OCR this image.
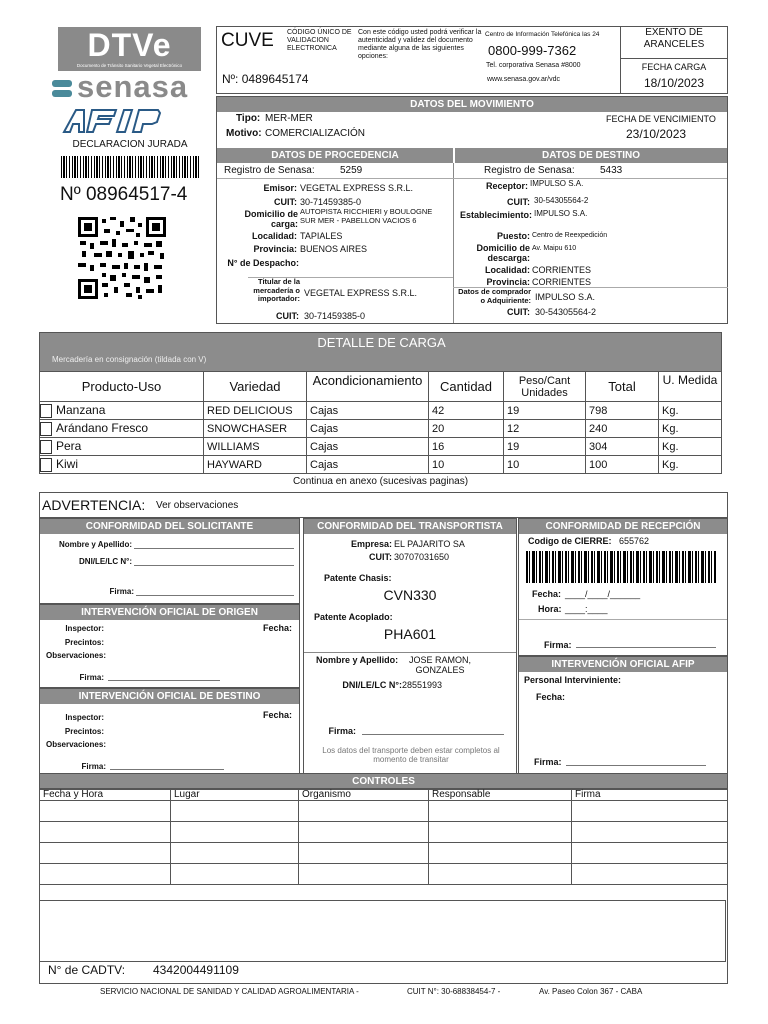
DTVe
Documento de Tránsito Sanitario Vegetal Electrónico
senasa
DECLARACION JURADA
Nº 08964517-4
CUVE CÓDIGO ÚNICO DE VALIDACION ELECTRONICA
Nº: 0489645174
Con este código usted podrá verificar la autenticidad y validez del documento mediante alguna de las siguientes opciones:
Centro de Información Telefónica las 24
0800-999-7362
Tel. corporativa Senasa #8000
www.senasa.gov.ar/vdc
EXENTO DE ARANCELES
FECHA CARGA
18/10/2023
DATOS DEL MOVIMIENTO
Tipo: MER-MER
Motivo: COMERCIALIZACIÓN
FECHA DE VENCIMIENTO
23/10/2023
DATOS DE PROCEDENCIA	DATOS DE DESTINO
Registro de Senasa:	5259
Emisor: VEGETAL EXPRESS S.R.L.
CUIT: 30-71459385-0
Domicilio de carga:
AUTOPISTA RICCHIERI y BOULOGNE SUR MER - PABELLON VACIOS 6
Localidad: TAPIALES
Provincia: BUENOS AIRES
N° de Despacho:
Titular de la mercadería o importador:
VEGETAL EXPRESS S.R.L.
CUIT: 30-71459385-0
Registro de Senasa:	5433
Receptor: IMPULSO S.A.
CUIT: 30-54305564-2
Establecimiento: IMPULSO S.A.
Puesto: Centro de Reexpedición
Domicilio de descarga:
Av. Maipu 610
Localidad: CORRIENTES
Provincia: CORRIENTES
Datos de comprador o Adquiriente: IMPULSO S.A.
CUIT: 30-54305564-2
DETALLE DE CARGA
Mercadería en consignación (tildada con V)
Producto-Uso	Variedad	Acondicionamiento	Cantidad	Peso/Cant Unidades	Total	U. Medida
Manzana	RED DELICIOUS	Cajas	42	19	798	Kg.
Arándano Fresco	SNOWCHASER	Cajas	20	12	240	Kg.
Pera	WILLIAMS	Cajas	16	19	304	Kg.
Kiwi	HAYWARD	Cajas	10	10	100	Kg.
Continua en anexo (sucesivas paginas)
ADVERTENCIA: Ver observaciones
CONFORMIDAD DEL SOLICITANTE
Nombre y Apellido:
DNI/LE/LC N°:
Firma:
INTERVENCIÓN OFICIAL DE ORIGEN
Inspector:	Fecha:
Precintos:
Observaciones:
Firma:
INTERVENCIÓN OFICIAL DE DESTINO
Inspector:	Fecha:
Precintos:
Observaciones:
Firma:
CONFORMIDAD DEL TRANSPORTISTA
Empresa: EL PAJARITO SA
CUIT: 30707031650
Patente Chasis:
CVN330
Patente Acoplado:
PHA601
Nombre y Apellido:	JOSE RAMON, GONZALES
DNI/LE/LC N°: 28551993
Firma:
Los datos del transporte deben estar completos al momento de transitar
CONFORMIDAD DE RECEPCIÓN
Codigo de CIERRE: 655762
Fecha: ____/____/______
Hora: ____:____
Firma:
INTERVENCIÓN OFICIAL AFIP
Personal Interviniente:
Fecha:
Firma:
CONTROLES
Fecha y Hora	Lugar	Organismo	Responsable	Firma

N° de CADTV: 4342004491109
SERVICIO NACIONAL DE SANIDAD Y CALIDAD AGROALIMENTARIA -	CUIT N°: 30-68838454-7 -	Av. Paseo Colon 367 - CABA
